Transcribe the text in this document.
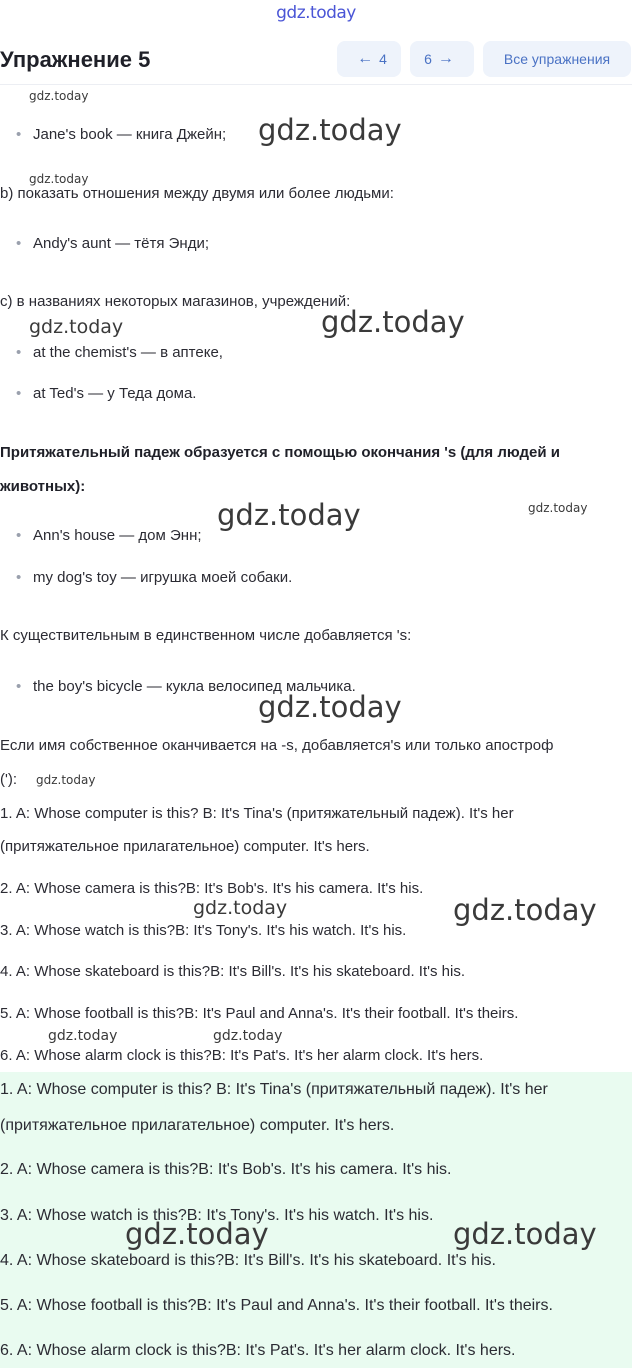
gdz.today
Упражнение 5	← 4	6 →	Все упражнения
• Jane's book — книга Джейн;
b) показать отношения между двумя или более людьми:
• Andy's aunt — тётя Энди;
c) в названиях некоторых магазинов, учреждений:
• at the chemist's — в аптеке,
• at Ted's — у Теда дома.
Притяжательный падеж образуется с помощью окончания 's (для людей и
животных):
• Ann's house — дом Энн;
• my dog's toy — игрушка моей собаки.
К существительным в единственном числе добавляется 's:
• the boy's bicycle — кукла велосипед мальчика.
Если имя собственное оканчивается на -s, добавляется's или только апостроф
('):
1. A: Whose computer is this? B: It's Tina's (притяжательный падеж). It's her
(притяжательное прилагательное) computer. It's hers.
2. A: Whose camera is this?B: It's Bob's. It's his camera. It's his.
3. A: Whose watch is this?B: It's Tony's. It's his watch. It's his.
4. A: Whose skateboard is this?B: It's Bill's. It's his skateboard. It's his.
5. A: Whose football is this?B: It's Paul and Anna's. It's their football. It's theirs.
6. A: Whose alarm clock is this?B: It's Pat's. It's her alarm clock. It's hers.
1. A: Whose computer is this? B: It's Tina's (притяжательный падеж). It's her
(притяжательное прилагательное) computer. It's hers.
2. A: Whose camera is this?B: It's Bob's. It's his camera. It's his.
3. A: Whose watch is this?B: It's Tony's. It's his watch. It's his.
4. A: Whose skateboard is this?B: It's Bill's. It's his skateboard. It's his.
5. A: Whose football is this?B: It's Paul and Anna's. It's their football. It's theirs.
6. A: Whose alarm clock is this?B: It's Pat's. It's her alarm clock. It's hers.
gdz.today
gdz.today
gdz.today
gdz.today	gdz.today
gdz.today	gdz.today
gdz.today
gdz.today
gdz.today	gdz.today
gdz.today	gdz.today
gdz.today	gdz.today
